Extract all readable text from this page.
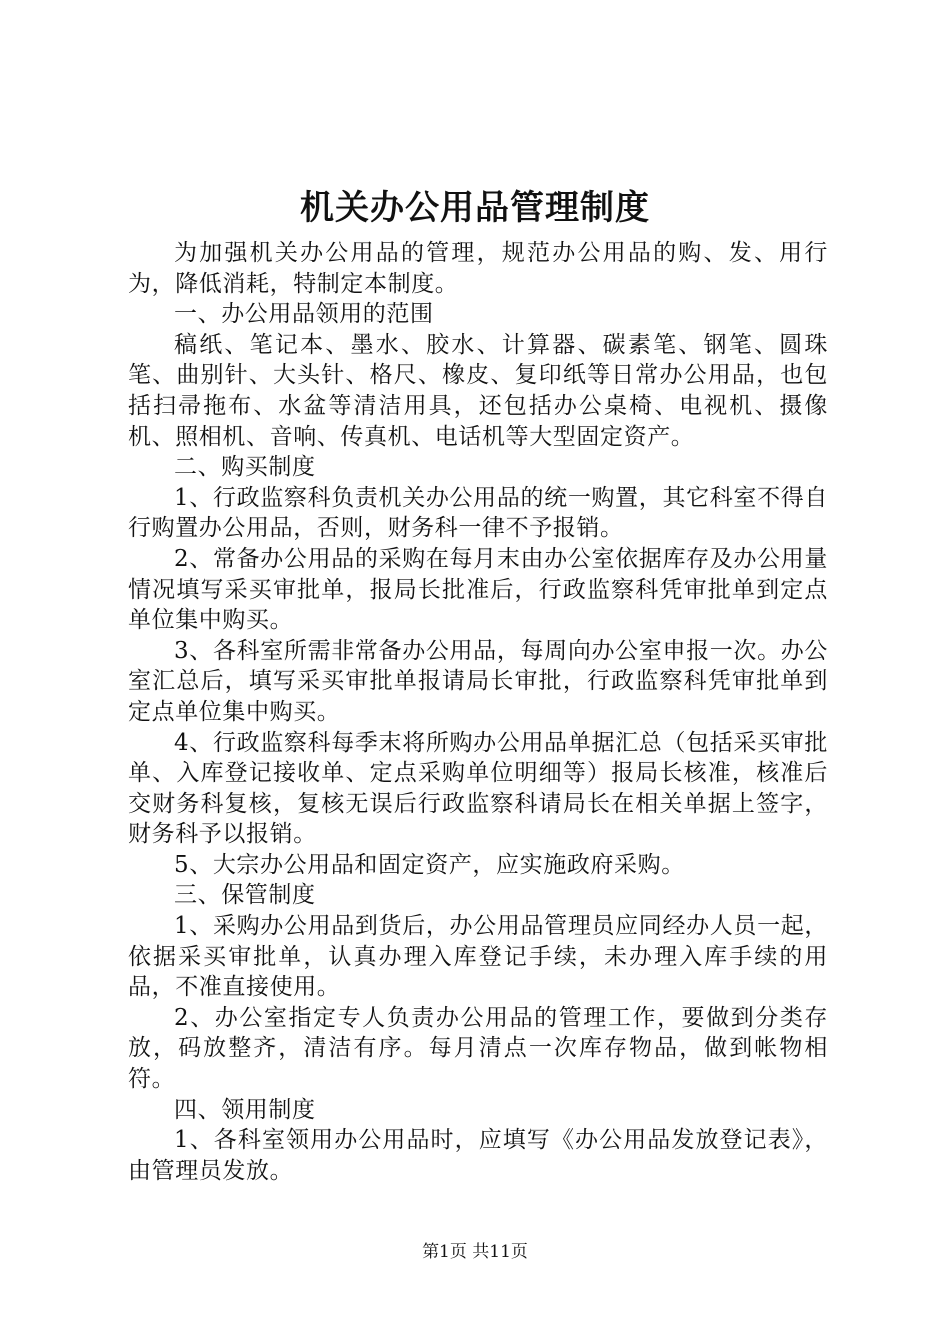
机关办公用品管理制度

为加强机关办公用品的管理，规范办公用品的购、发、用行为，降低消耗，特制定本制度。

一、办公用品领用的范围

稿纸、笔记本、墨水、胶水、计算器、碳素笔、钢笔、圆珠笔、曲别针、大头针、格尺、橡皮、复印纸等日常办公用品，也包括扫帚拖布、水盆等清洁用具，还包括办公桌椅、电视机、摄像机、照相机、音响、传真机、电话机等大型固定资产。

二、购买制度

1、行政监察科负责机关办公用品的统一购置，其它科室不得自行购置办公用品，否则，财务科一律不予报销。

2、常备办公用品的采购在每月末由办公室依据库存及办公用量情况填写采买审批单，报局长批准后，行政监察科凭审批单到定点单位集中购买。

3、各科室所需非常备办公用品，每周向办公室申报一次。办公室汇总后，填写采买审批单报请局长审批，行政监察科凭审批单到定点单位集中购买。

4、行政监察科每季末将所购办公用品单据汇总（包括采买审批单、入库登记接收单、定点采购单位明细等）报局长核准，核准后交财务科复核，复核无误后行政监察科请局长在相关单据上签字，财务科予以报销。

5、大宗办公用品和固定资产，应实施政府采购。

三、保管制度

1、采购办公用品到货后，办公用品管理员应同经办人员一起，依据采买审批单，认真办理入库登记手续，未办理入库手续的用品，不准直接使用。

2、办公室指定专人负责办公用品的管理工作，要做到分类存放，码放整齐，清洁有序。每月清点一次库存物品，做到帐物相符。

四、领用制度

1、各科室领用办公用品时，应填写《办公用品发放登记表》，由管理员发放。

第1页 共11页
